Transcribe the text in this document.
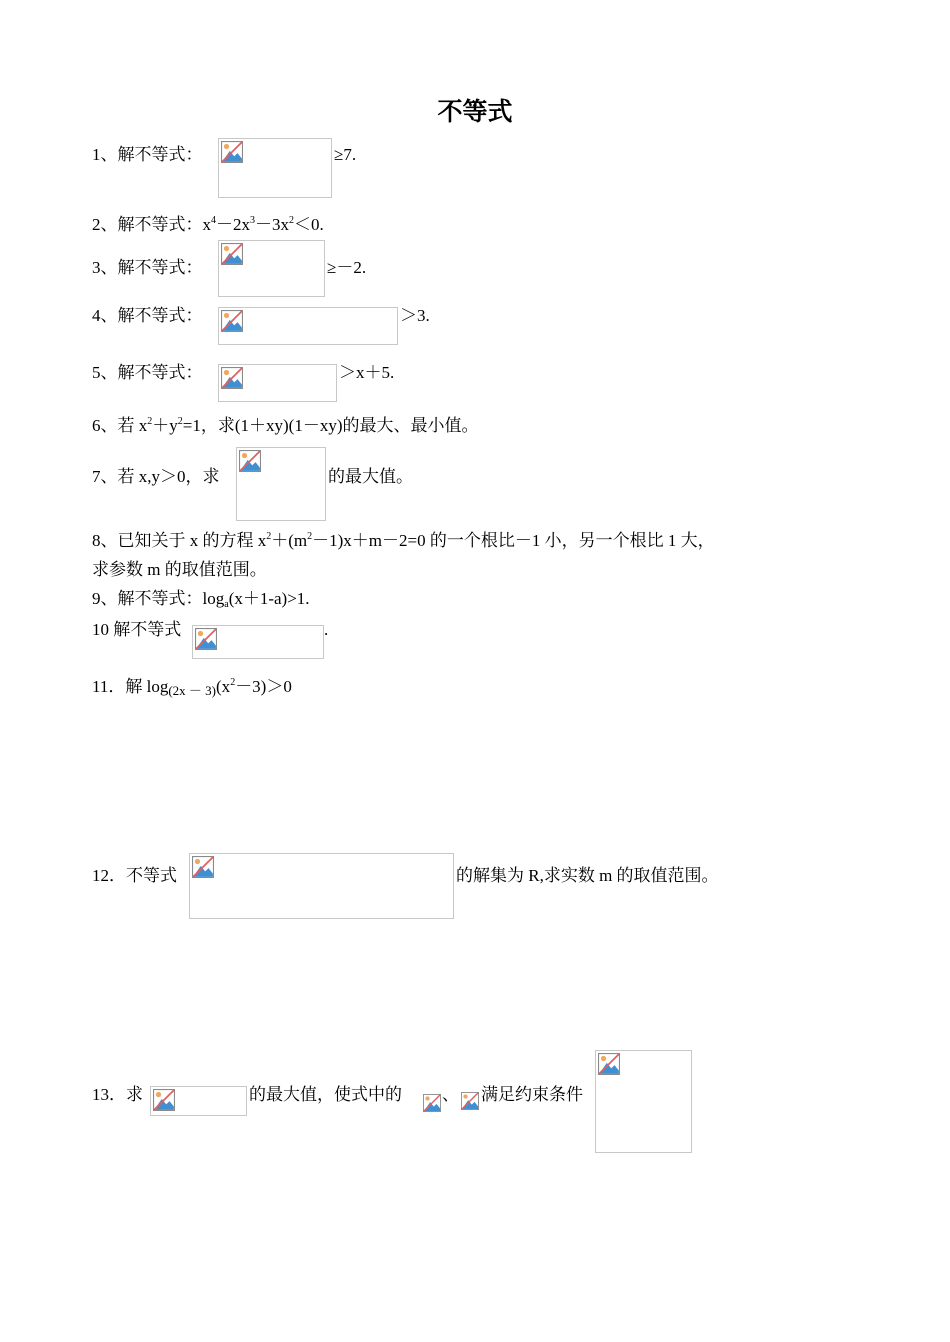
不等式
1、解不等式：	≥7.
2、解不等式：$x^4-2x^3-3x^2<0$.
3、解不等式：	≥－2.
4、解不等式：	＞3.
5、解不等式：	＞x＋5.
6、若 $x^2+y^2=1$，求(1＋xy)(1－xy)的最大、最小值。
7、若 x,y＞0，求	的最大值。
8、已知关于 x 的方程 $x^2+(m^2-1)x+m-2=0$ 的一个根比－1 小，另一个根比 1 大，
求参数 m 的取值范围。
9、解不等式：$\log_a(x+1-a)>1$.
10 解不等式	.
11．解 $\log(2x - 3)(x^2-3)>0$
12．不等式	的解集为 R,求实数 m 的取值范围。
13．求	的最大值，使式中的 、 满足约束条件
